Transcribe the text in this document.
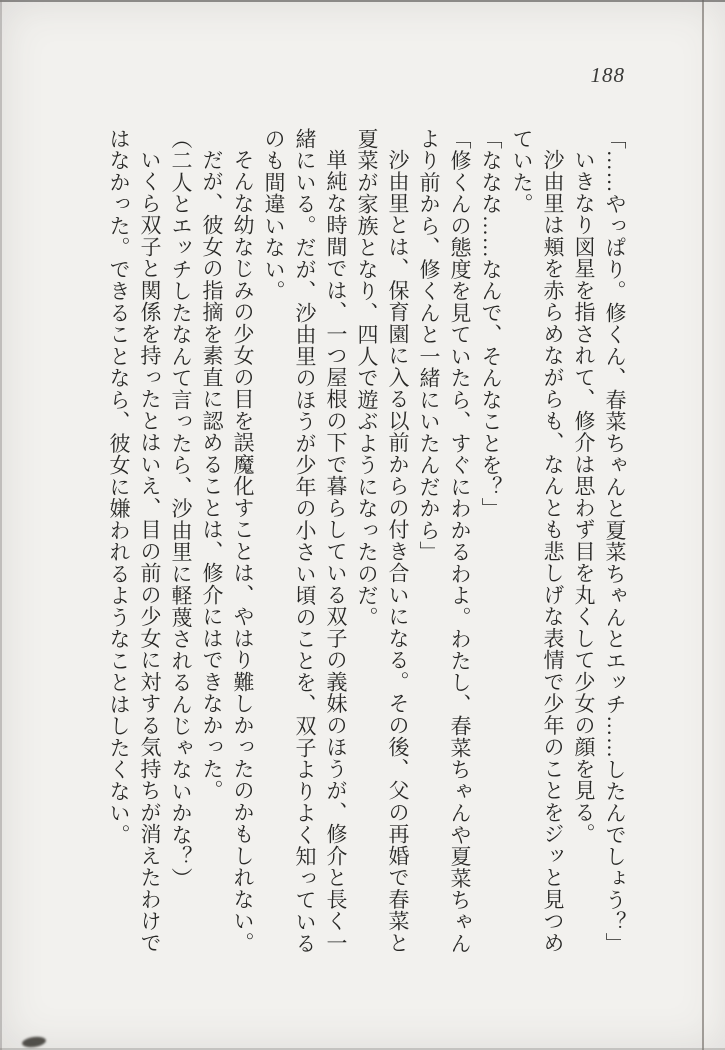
188

「……やっぱり。修くん、春菜ちゃんと夏菜ちゃんとエッチ……したんでしょう？」

いきなり図星を指されて、修介は思わず目を丸くして少女の顔を見る。

沙由里は頬を赤らめながらも、なんとも悲しげな表情で少年のことをジッと見つめていた。

「ななな……なんで、そんなことを？」

「修くんの態度を見ていたら、すぐにわかるわよ。わたし、春菜ちゃんや夏菜ちゃんより前から、修くんと一緒にいたんだから」

沙由里とは、保育園に入る以前からの付き合いになる。その後、父の再婚で春菜と夏菜が家族となり、四人で遊ぶようになったのだ。

単純な時間では、一つ屋根の下で暮らしている双子の義妹のほうが、修介と長く一緒にいる。だが、沙由里のほうが少年の小さい頃のことを、双子よりよく知っているのも間違いない。

そんな幼なじみの少女の目を誤魔化すことは、やはり難しかったのかもしれない。

だが、彼女の指摘を素直に認めることは、修介にはできなかった。

（二人とエッチしたなんて言ったら、沙由里に軽蔑されるんじゃないかな？）

いくら双子と関係を持ったとはいえ、目の前の少女に対する気持ちが消えたわけではなかった。できることなら、彼女に嫌われるようなことはしたくない。
